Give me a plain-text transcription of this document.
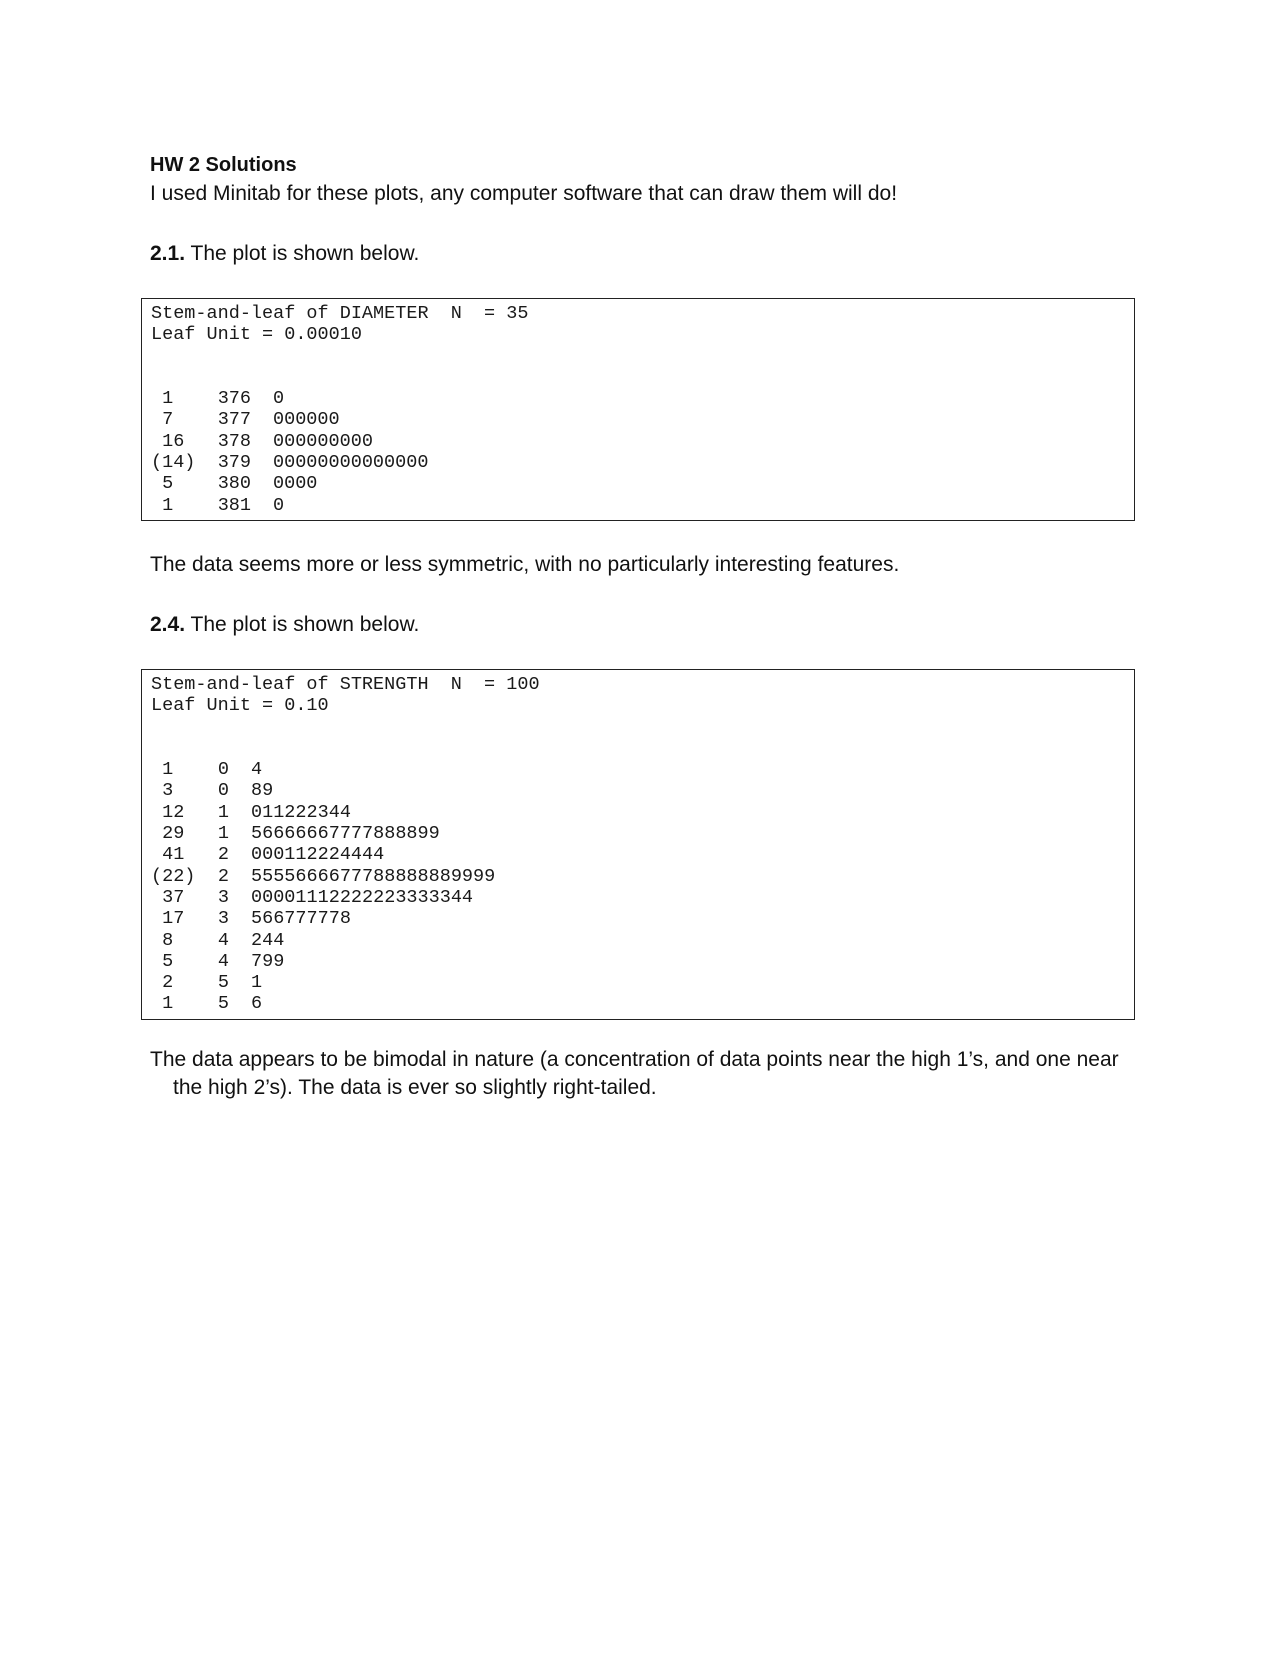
HW 2 Solutions

I used Minitab for these plots, any computer software that can draw them will do!

2.1. The plot is shown below.

Stem-and-leaf of DIAMETER  N  = 35
Leaf Unit = 0.00010
1	376	0
7	377	000000
16	378	000000000
(14)	379	00000000000000
5	380	0000
1	381	0

The data seems more or less symmetric, with no particularly interesting features.

2.4. The plot is shown below.

Stem-and-leaf of STRENGTH  N  = 100
Leaf Unit = 0.10
1	0	4
3	0	89
12	1	011222344
29	1	56666667777888899
41	2	000112224444
(22)	2	5555666677788888889999
37	3	00001112222223333344
17	3	566777778
8	4	244
5	4	799
2	5	1
1	5	6

The data appears to be bimodal in nature (a concentration of data points near the high 1’s, and one near the high 2’s). The data is ever so slightly right-tailed.
